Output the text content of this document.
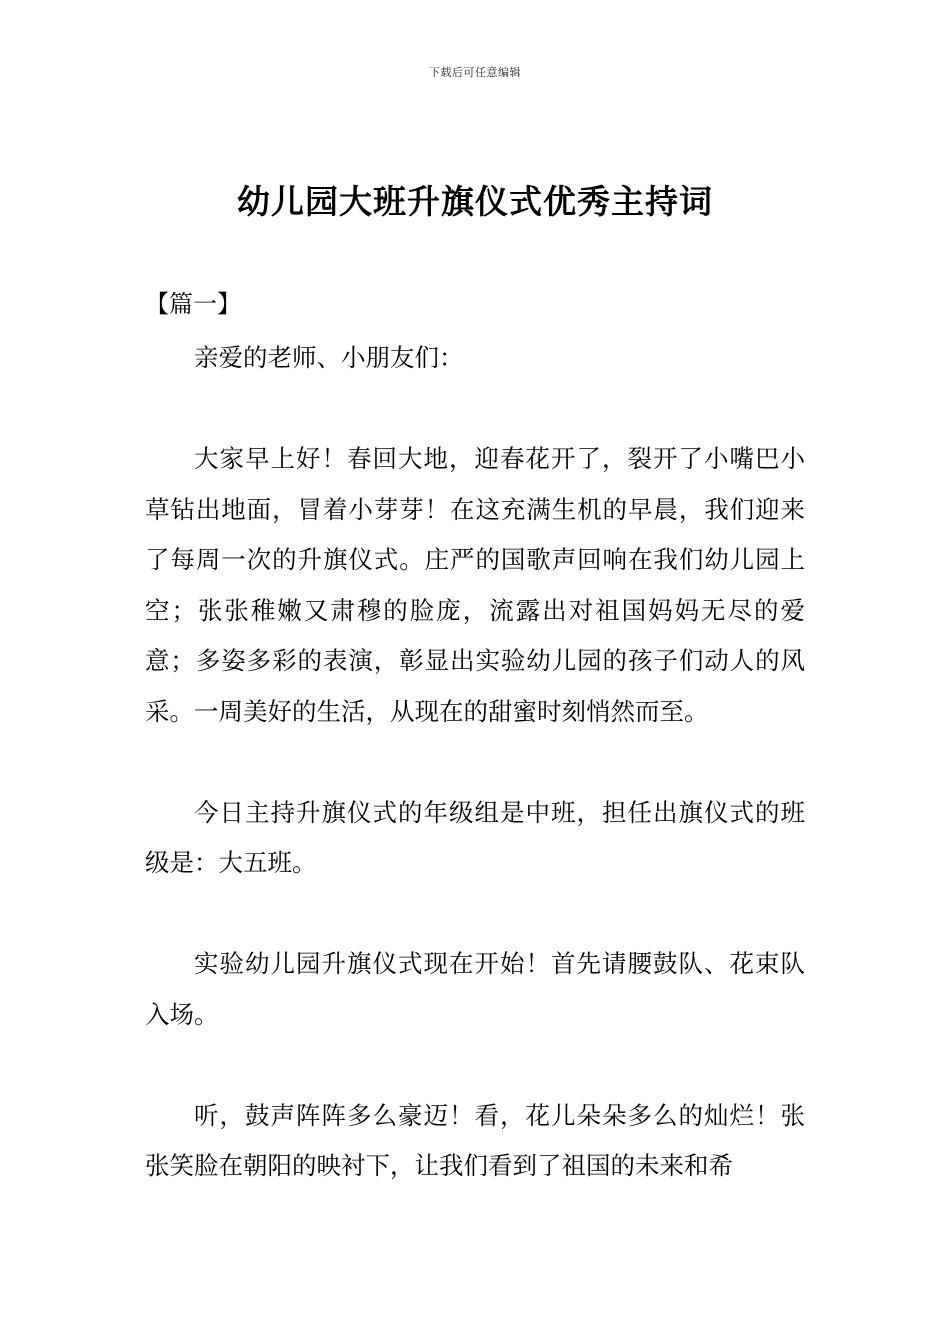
下载后可任意编辑
幼儿园大班升旗仪式优秀主持词
【篇一】

亲爱的老师、小朋友们：

大家早上好！春回大地，迎春花开了，裂开了小嘴巴小草钻出地面，冒着小芽芽！在这充满生机的早晨，我们迎来了每周一次的升旗仪式。庄严的国歌声回响在我们幼儿园上空；张张稚嫩又肃穆的脸庞，流露出对祖国妈妈无尽的爱意；多姿多彩的表演，彰显出实验幼儿园的孩子们动人的风采。一周美好的生活，从现在的甜蜜时刻悄然而至。

今日主持升旗仪式的年级组是中班，担任出旗仪式的班级是：大五班。

实验幼儿园升旗仪式现在开始！首先请腰鼓队、花束队入场。

听，鼓声阵阵多么豪迈！看，花儿朵朵多么的灿烂！张张笑脸在朝阳的映衬下，让我们看到了祖国的未来和希
